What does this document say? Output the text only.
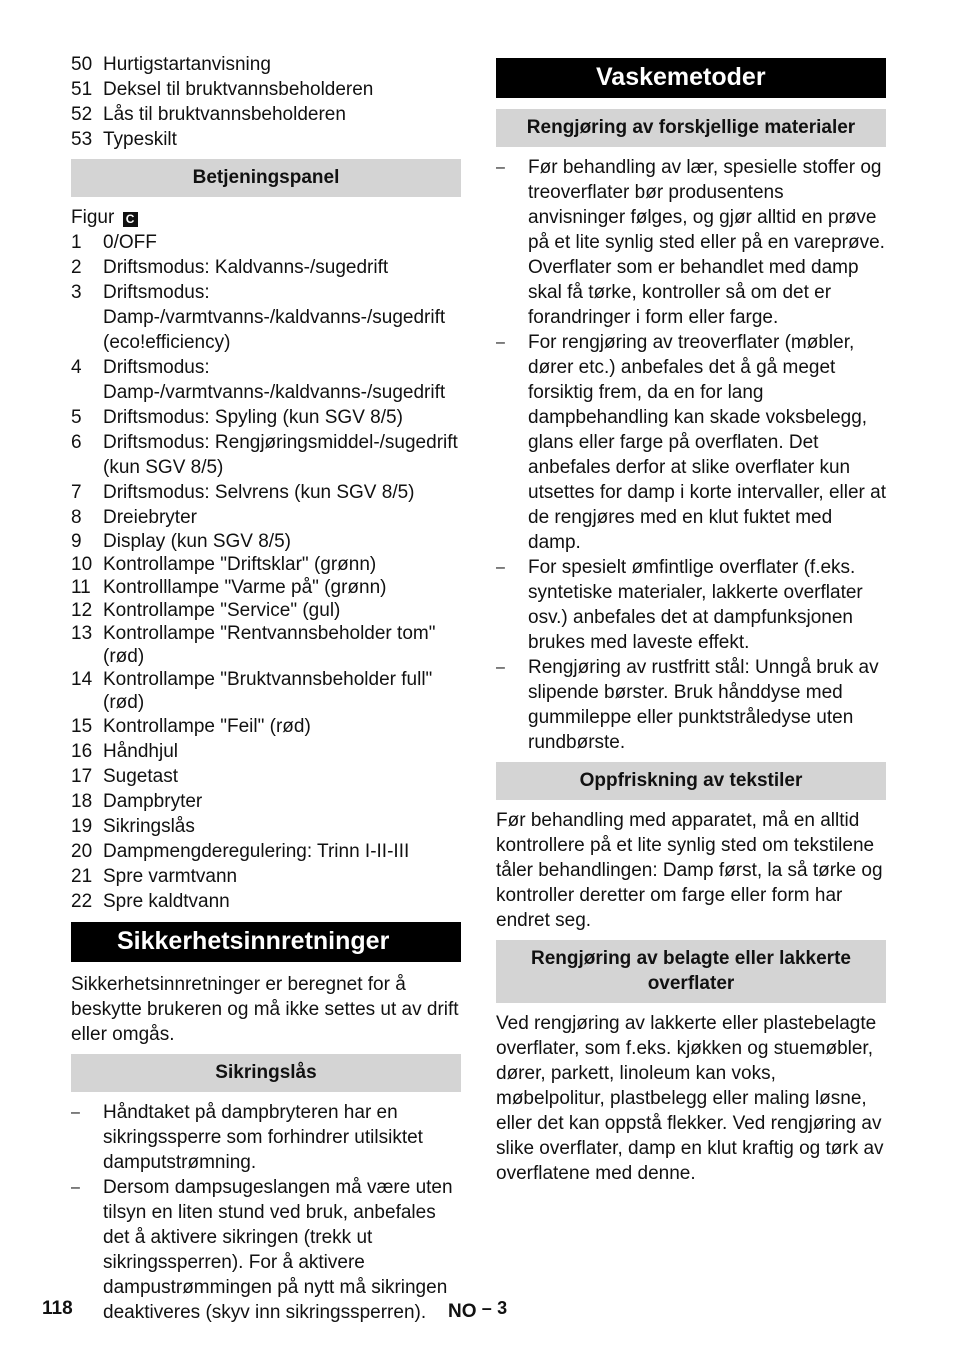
50 Hurtigstartanvisning
51 Deksel til bruktvannsbeholderen
52 Lås til bruktvannsbeholderen
53 Typeskilt
Betjeningspanel
Figur C
1	0/OFF
2	Driftsmodus: Kaldvanns-/sugedrift
3	Driftsmodus: Damp-/varmtvanns-/kaldvanns-/sugedrift (eco!efficiency)
4	Driftsmodus: Damp-/varmtvanns-/kaldvanns-/sugedrift
5	Driftsmodus: Spyling (kun SGV 8/5)
6	Driftsmodus: Rengjøringsmiddel-/sugedrift (kun SGV 8/5)
7	Driftsmodus: Selvrens (kun SGV 8/5)
8	Dreiebryter
9	Display (kun SGV 8/5)
10 Kontrollampe "Driftsklar" (grønn)
11 Kontrolllampe "Varme på" (grønn)
12 Kontrollampe "Service" (gul)
13 Kontrollampe "Rentvannsbeholder tom" (rød)
14 Kontrollampe "Bruktvannsbeholder full" (rød)
15 Kontrollampe "Feil" (rød)
16 Håndhjul
17 Sugetast
18 Dampbryter
19 Sikringslås
20 Dampmengderegulering: Trinn I-II-III
21 Spre varmtvann
22 Spre kaldtvann
Sikkerhetsinnretninger
Sikkerhetsinnretninger er beregnet for å beskytte brukeren og må ikke settes ut av drift eller omgås.
Sikringslås
–	Håndtaket på dampbryteren har en sikringssperre som forhindrer utilsiktet damputstrømning.
–	Dersom dampsugeslangen må være uten tilsyn en liten stund ved bruk, anbefales det å aktivere sikringen (trekk ut sikringssperren). For å aktivere dampustrømmingen på nytt må sikringen deaktiveres (skyv inn sikringssperren).
Vaskemetoder
Rengjøring av forskjellige materialer
–	Før behandling av lær, spesielle stoffer og treoverflater bør produsentens anvisninger følges, og gjør alltid en prøve på et lite synlig sted eller på en vareprøve. Overflater som er behandlet med damp skal få tørke, kontroller så om det er forandringer i form eller farge.
–	For rengjøring av treoverflater (møbler, dører etc.) anbefales det å gå meget forsiktig frem, da en for lang dampbehandling kan skade voksbelegg, glans eller farge på overflaten. Det anbefales derfor at slike overflater kun utsettes for damp i korte intervaller, eller at de rengjøres med en klut fuktet med damp.
–	For spesielt ømfintlige overflater (f.eks. syntetiske materialer, lakkerte overflater osv.) anbefales det at dampfunksjonen brukes med laveste effekt.
–	Rengjøring av rustfritt stål: Unngå bruk av slipende børster. Bruk hånddyse med gummileppe eller punktstråledyse uten rundbørste.
Oppfriskning av tekstiler
Før behandling med apparatet, må en alltid kontrollere på et lite synlig sted om tekstilene tåler behandlingen: Damp først, la så tørke og kontroller deretter om farge eller form har endret seg.
Rengjøring av belagte eller lakkerte overflater
Ved rengjøring av lakkerte eller plastebelagte overflater, som f.eks. kjøkken og stuemøbler, dører, parkett, linoleum kan voks, møbelpolitur, plastbelegg eller maling løsne, eller det kan oppstå flekker. Ved rengjøring av slike overflater, damp en klut kraftig og tørk av overflatene med denne.
118	NO – 3
